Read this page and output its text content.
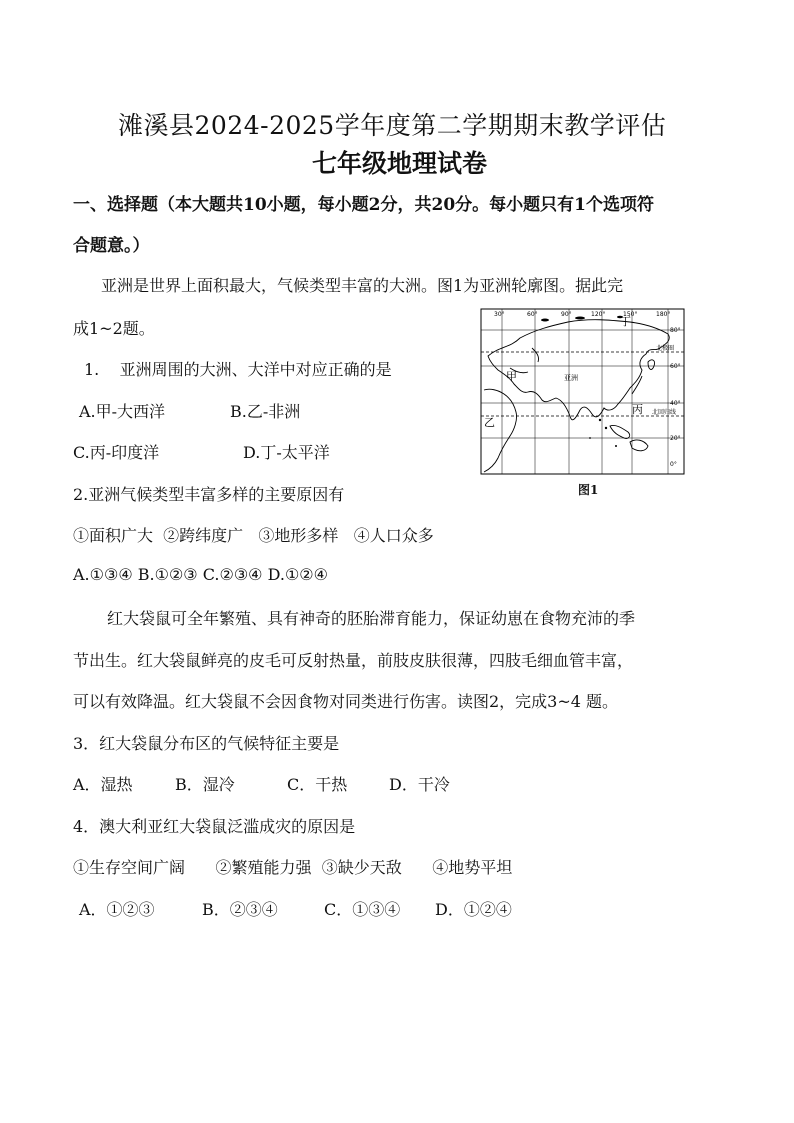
滩溪县2024-2025学年度第二学期期末教学评估
七年级地理试卷
一、选择题（本大题共10小题，每小题2分，共20分。每小题只有1个选项符
合题意。）
亚洲是世界上面积最大，气候类型丰富的大洲。图1为亚洲轮廓图。据此完
成1~2题。
1.    亚洲周围的大洲、大洋中对应正确的是
A.甲-大西洋	B.乙-非洲
C.丙-印度洋	D.丁-太平洋
2.亚洲气候类型丰富多样的主要原因有
①面积广大  ②跨纬度广   ③地形多样   ④人口众多
A.①③④ B.①②③ C.②③④ D.①②④
红大袋鼠可全年繁殖、具有神奇的胚胎滞育能力，保证幼崽在食物充沛的季
节出生。红大袋鼠鲜亮的皮毛可反射热量，前肢皮肤很薄，四肢毛细血管丰富，
可以有效降温。红大袋鼠不会因食物对同类进行伤害。读图2，完成3~4 题。
3．红大袋鼠分布区的气候特征主要是
A．湿热	B．湿冷	C．干热	D．干冷
4．澳大利亚红大袋鼠泛滥成灾的原因是
①生存空间广阔      ②繁殖能力强  ③缺少天敌      ④地势平坦
A．①②③	B．②③④	C．①③④ D．①②④
30°	60°	90°	120°	150°	180°
80°
60°
40°
20°
0°
北极圈
北回归线
甲
乙
丙
丁
亚洲
图1
